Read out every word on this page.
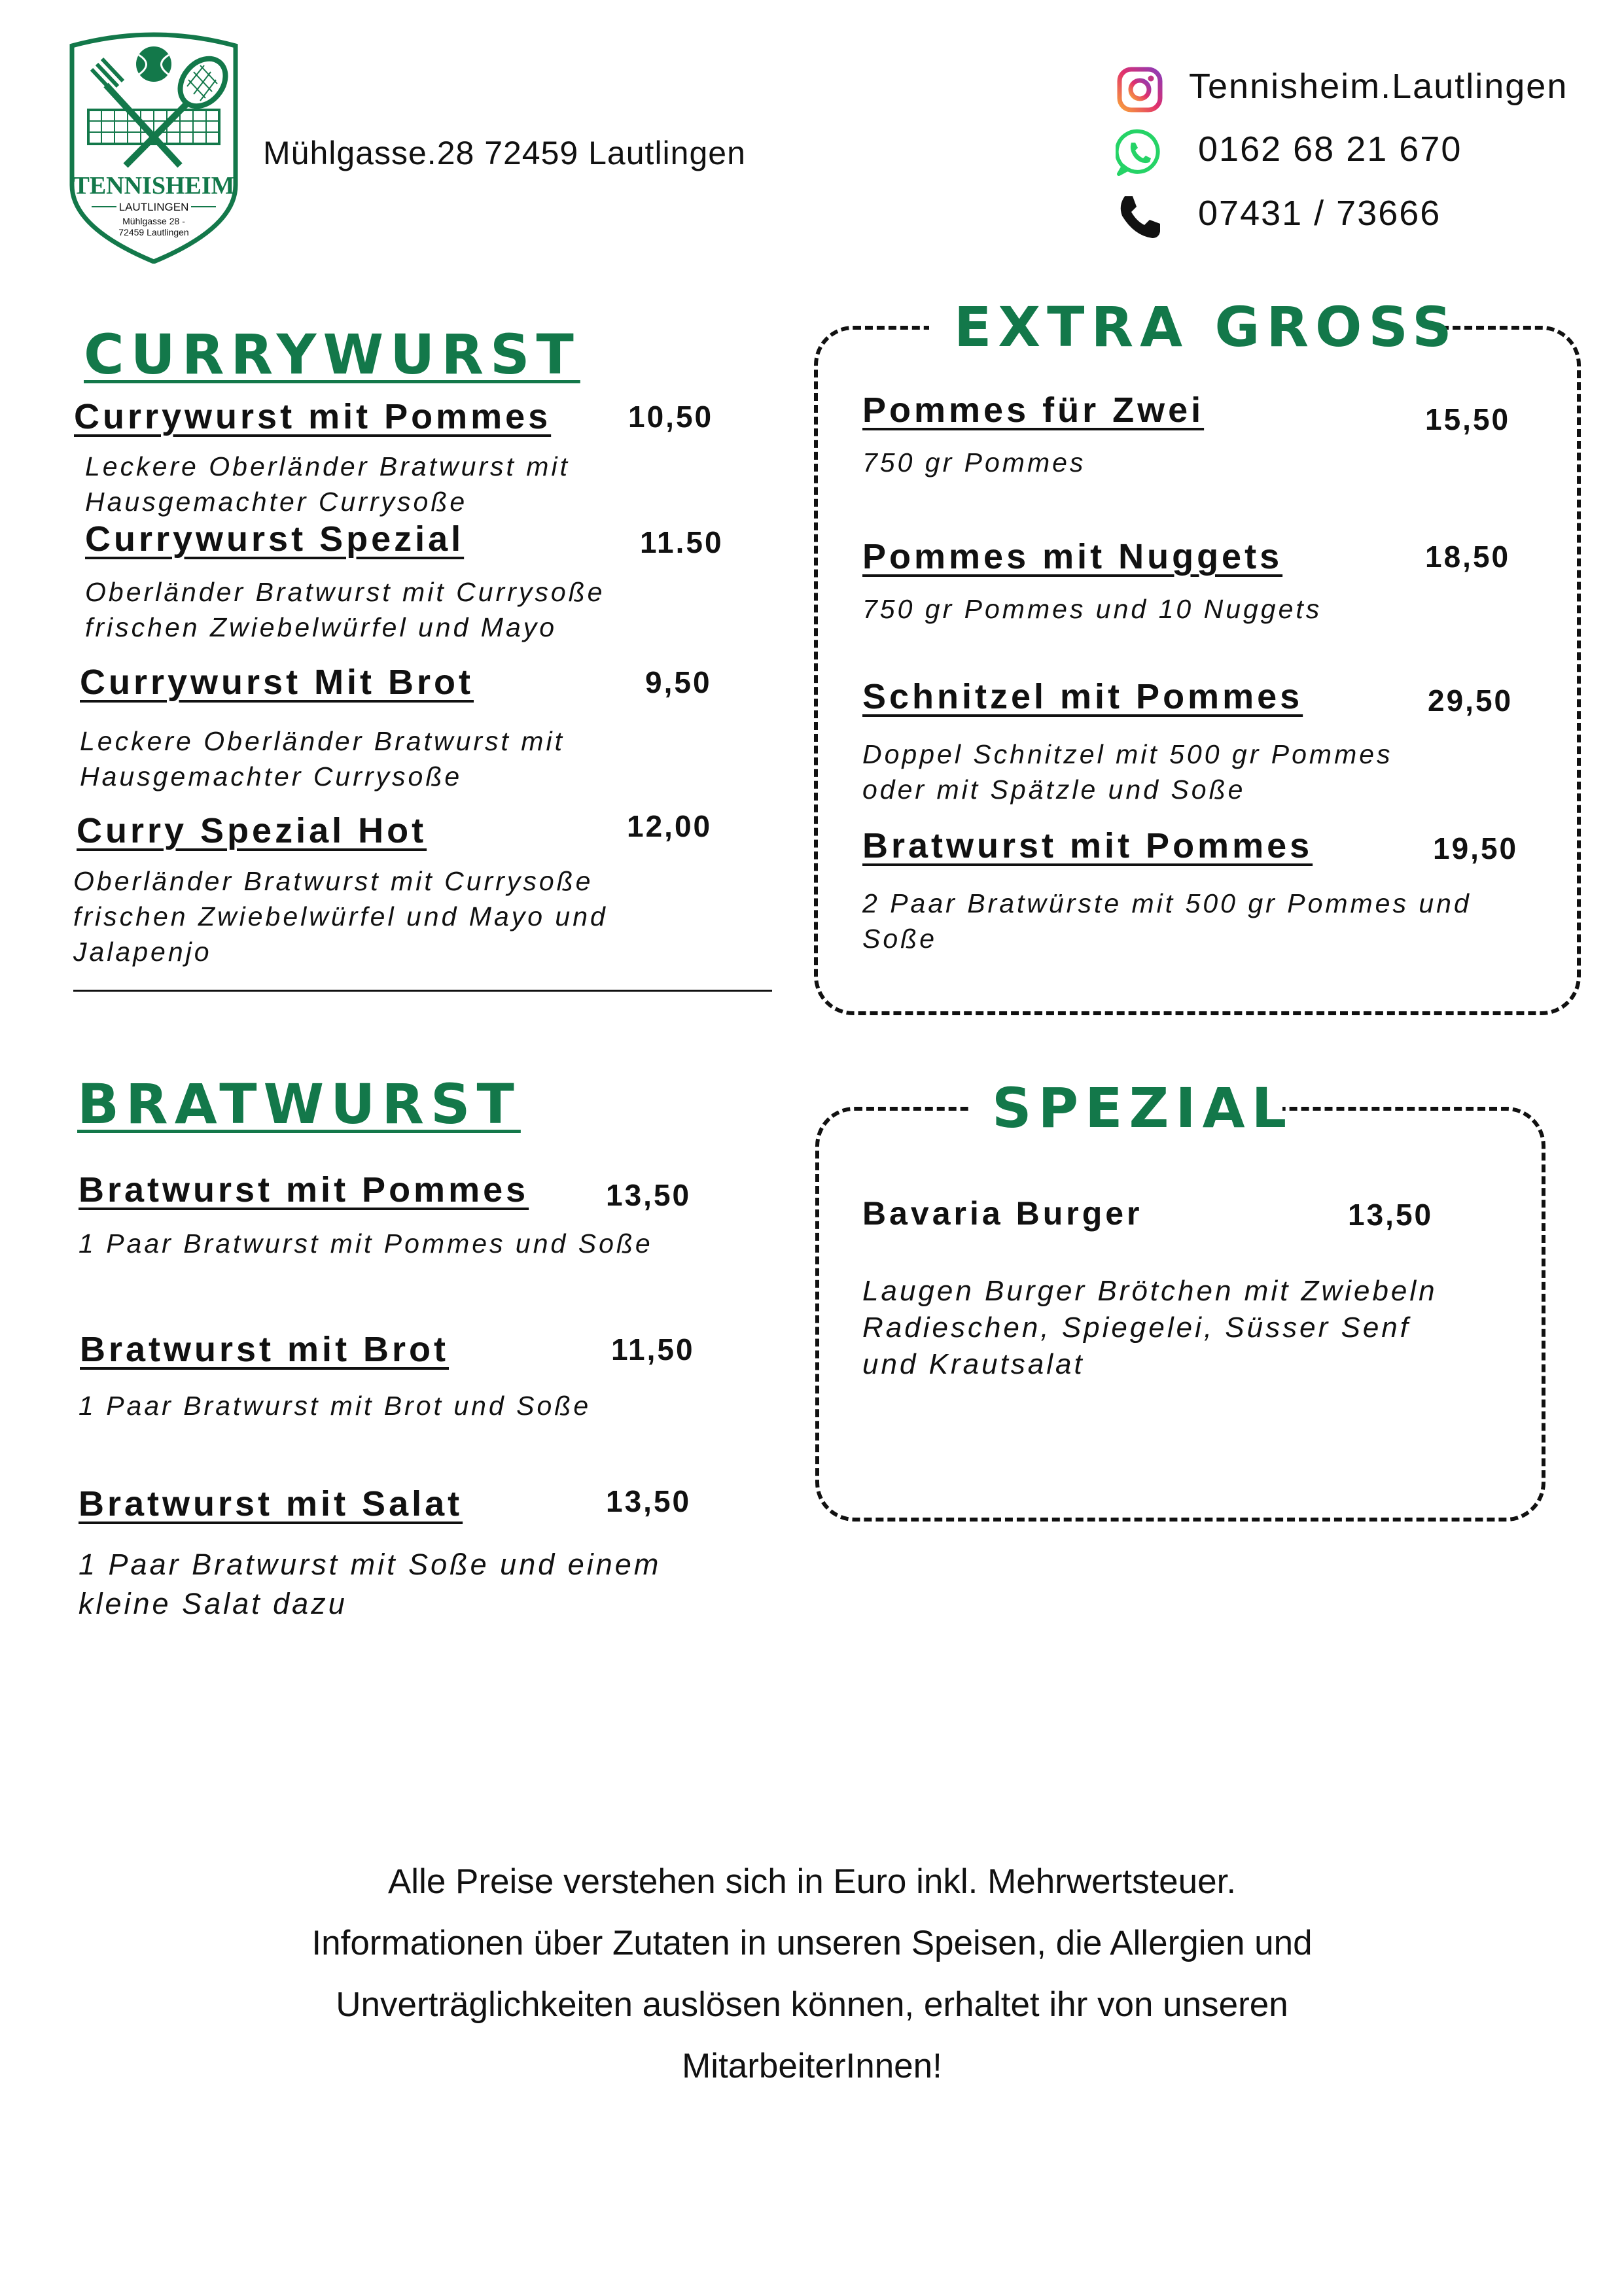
TENNISHEIM
LAUTLINGEN
Mühlgasse 28 -
72459 Lautlingen
Mühlgasse.28 72459 Lautlingen
Tennisheim.Lautlingen
0162 68 21 670
07431 / 73666
CURRYWURST
Currywurst mit Pommes	10,50
Leckere Oberländer Bratwurst mit
Hausgemachter Currysoße
Currywurst Spezial	11.50
Oberländer Bratwurst mit Currysoße
frischen Zwiebelwürfel und Mayo
Currywurst Mit Brot	9,50
Leckere Oberländer Bratwurst mit
Hausgemachter Currysoße
Curry Spezial Hot	12,00
Oberländer Bratwurst mit Currysoße
frischen Zwiebelwürfel und Mayo und
Jalapenjo
EXTRA GROSS
Pommes für Zwei	15,50
750 gr Pommes
Pommes mit Nuggets	18,50
750 gr Pommes und 10 Nuggets
Schnitzel mit Pommes	29,50
Doppel Schnitzel mit 500 gr Pommes
oder mit Spätzle und Soße
Bratwurst mit Pommes	19,50
2 Paar Bratwürste mit 500 gr Pommes und
Soße
BRATWURST
Bratwurst mit Pommes	13,50
1 Paar Bratwurst mit Pommes und Soße
Bratwurst mit Brot	11,50
1 Paar Bratwurst mit Brot und Soße
Bratwurst mit Salat	13,50
1 Paar Bratwurst mit Soße und einem
kleine Salat dazu
SPEZIAL
Bavaria Burger	13,50
Laugen Burger Brötchen mit Zwiebeln
Radieschen, Spiegelei, Süsser Senf
und Krautsalat
Alle Preise verstehen sich in Euro inkl. Mehrwertsteuer.
Informationen über Zutaten in unseren Speisen, die Allergien und
Unverträglichkeiten auslösen können, erhaltet ihr von unseren
MitarbeiterInnen!
